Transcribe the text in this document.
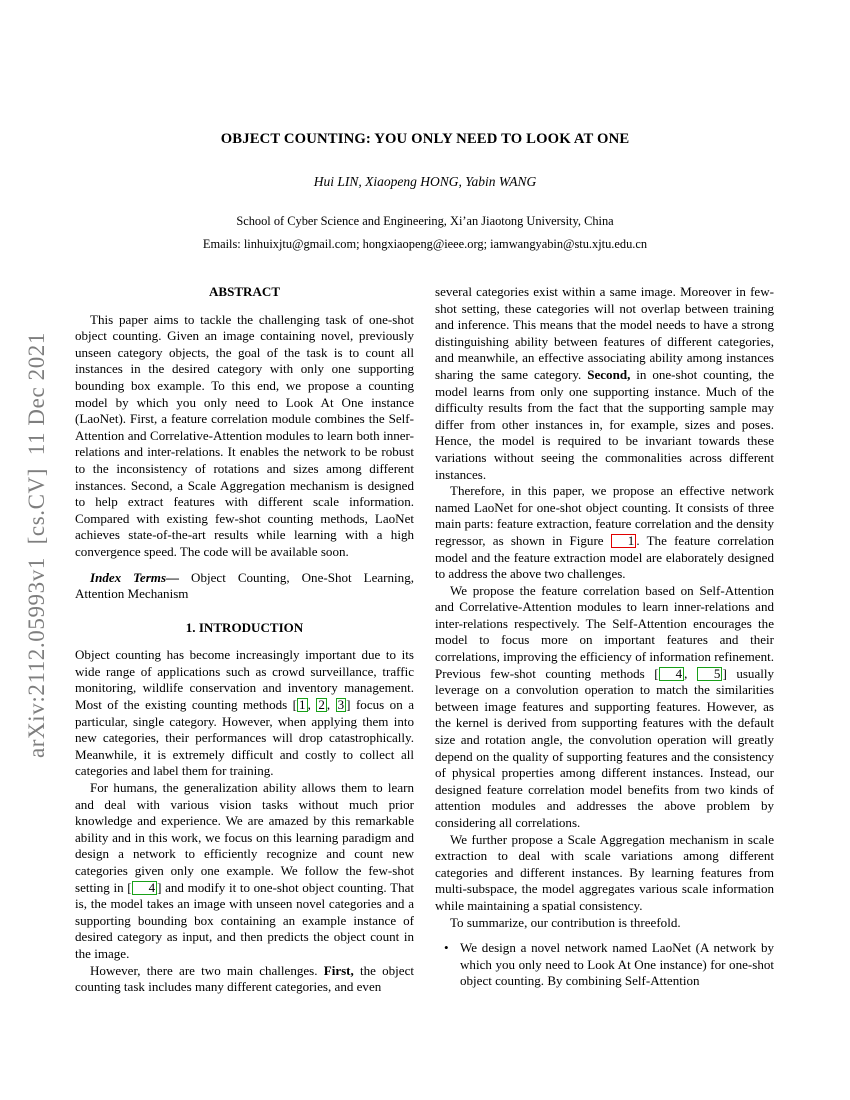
arXiv:2112.05993v1  [cs.CV]  11 Dec 2021
OBJECT COUNTING: YOU ONLY NEED TO LOOK AT ONE
Hui LIN, Xiaopeng HONG, Yabin WANG
School of Cyber Science and Engineering, Xi’an Jiaotong University, China
Emails: linhuixjtu@gmail.com; hongxiaopeng@ieee.org; iamwangyabin@stu.xjtu.edu.cn
ABSTRACT

This paper aims to tackle the challenging task of one-shot object counting. Given an image containing novel, previously unseen category objects, the goal of the task is to count all instances in the desired category with only one supporting bounding box example. To this end, we propose a counting model by which you only need to Look At One instance (LaoNet). First, a feature correlation module combines the Self-Attention and Correlative-Attention modules to learn both inner-relations and inter-relations. It enables the network to be robust to the inconsistency of rotations and sizes among different instances. Second, a Scale Aggregation mechanism is designed to help extract features with different scale information. Compared with existing few-shot counting methods, LaoNet achieves state-of-the-art results while learning with a high convergence speed. The code will be available soon.

Index Terms— Object Counting, One-Shot Learning, Attention Mechanism

1. INTRODUCTION

Object counting has become increasingly important due to its wide range of applications such as crowd surveillance, traffic monitoring, wildlife conservation and inventory management. Most of the existing counting methods [ 1 , 2 , 3 ] focus on a particular, single category. However, when applying them into new categories, their performances will drop catastrophically. Meanwhile, it is extremely difficult and costly to collect all categories and label them for training.

For humans, the generalization ability allows them to learn and deal with various vision tasks without much prior knowledge and experience. We are amazed by this remarkable ability and in this work, we focus on this learning paradigm and design a network to efficiently recognize and count new categories given only one example. We follow the few-shot setting in [ 4 ] and modify it to one-shot object counting. That is, the model takes an image with unseen novel categories and a supporting bounding box containing an example instance of desired category as input, and then predicts the object count in the image.

However, there are two main challenges. First, the object counting task includes many different categories, and even

several categories exist within a same image. Moreover in few-shot setting, these categories will not overlap between training and inference. This means that the model needs to have a strong distinguishing ability between features of different categories, and meanwhile, an effective associating ability among instances sharing the same category. Second, in one-shot counting, the model learns from only one supporting instance. Much of the difficulty results from the fact that the supporting sample may differ from other instances in, for example, sizes and poses. Hence, the model is required to be invariant towards these variations without seeing the commonalities across different instances.

Therefore, in this paper, we propose an effective network named LaoNet for one-shot object counting. It consists of three main parts: feature extraction, feature correlation and the density regressor, as shown in Figure 1 . The feature correlation model and the feature extraction model are elaborately designed to address the above two challenges.

We propose the feature correlation based on Self-Attention and Correlative-Attention modules to learn inner-relations and inter-relations respectively. The Self-Attention encourages the model to focus more on important features and their correlations, improving the efficiency of information refinement. Previous few-shot counting methods [ 4 , 5 ] usually leverage on a convolution operation to match the similarities between image features and supporting features. However, as the kernel is derived from supporting features with the default size and rotation angle, the convolution operation will greatly depend on the quality of supporting features and the consistency of physical properties among different instances. Instead, our designed feature correlation model benefits from two kinds of attention modules and addresses the above problem by considering all correlations.

We further propose a Scale Aggregation mechanism in scale extraction to deal with scale variations among different categories and different instances. By learning features from multi-subspace, the model aggregates various scale information while maintaining a spatial consistency.

To summarize, our contribution is threefold.

• We design a novel network named LaoNet (A network by which you only need to Look At One instance) for one-shot object counting. By combining Self-Attention
